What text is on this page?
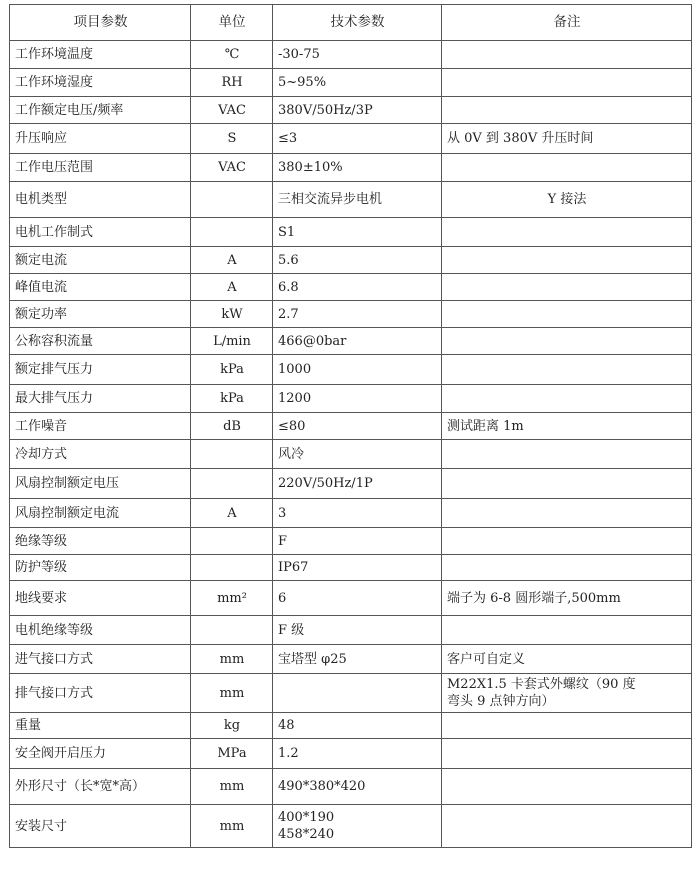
项目参数	单位	技术参数	备注
工作环境温度	℃	-30-75	
工作环境湿度	RH	5~95%	
工作额定电压/频率	VAC	380V/50Hz/3P	
升压响应	S	≤3	从 0V 到 380V 升压时间
工作电压范围	VAC	380±10%	
电机类型		三相交流异步电机	Y 接法
电机工作制式		S1	
额定电流	A	5.6	
峰值电流	A	6.8	
额定功率	kW	2.7	
公称容积流量	L/min	466@0bar	
额定排气压力	kPa	1000	
最大排气压力	kPa	1200	
工作噪音	dB	≤80	测试距离 1m
冷却方式		风冷	
风扇控制额定电压		220V/50Hz/1P	
风扇控制额定电流	A	3	
绝缘等级		F	
防护等级		IP67	
地线要求	mm²	6	端子为 6-8 圆形端子,500mm
电机绝缘等级		F 级	
进气接口方式	mm	宝塔型 φ25	客户可自定义
排气接口方式	mm		M22X1.5 卡套式外螺纹（90 度
弯头 9 点钟方向）
重量	kg	48	
安全阀开启压力	MPa	1.2	
外形尺寸（长*宽*高）	mm	490*380*420	
安装尺寸	mm	400*190
458*240	
